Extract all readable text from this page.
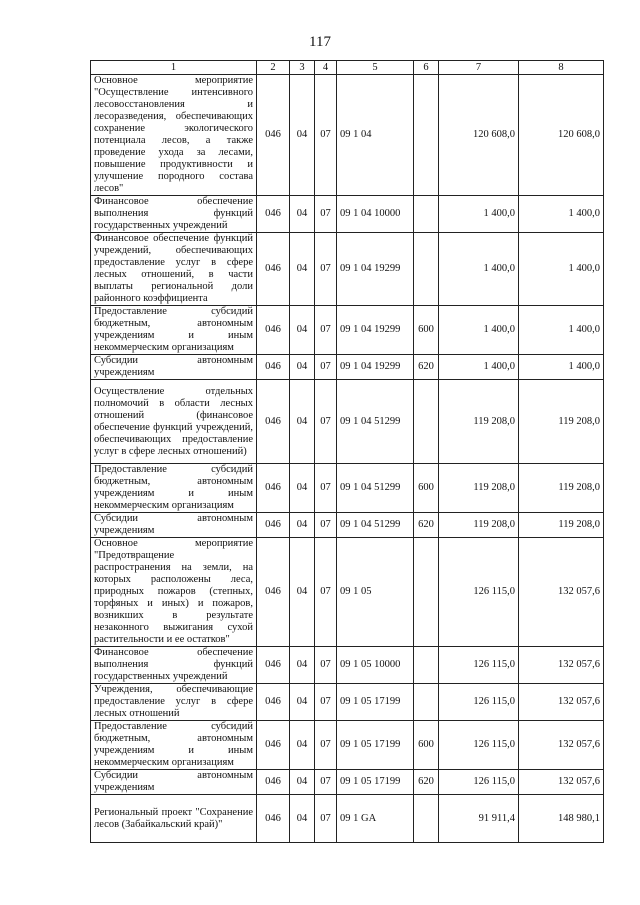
117
1	2	3	4	5	6	7	8
Основное мероприятие "Осуществление интенсивного лесовосстановления и лесоразведения, обеспечивающих сохранение экологического потенциала лесов, а также проведение ухода за лесами, повышение продуктивности и улучшение породного состава лесов"	046	04	07	09 1 04		120 608,0	120 608,0
Финансовое обеспечение выполнения функций государственных учреждений	046	04	07	09 1 04 10000		1 400,0	1 400,0
Финансовое обеспечение функций учреждений, обеспечивающих предоставление услуг в сфере лесных отношений, в части выплаты региональной доли районного коэффициента	046	04	07	09 1 04 19299		1 400,0	1 400,0
Предоставление субсидий бюджетным, автономным учреждениям и иным некоммерческим организациям	046	04	07	09 1 04 19299	600	1 400,0	1 400,0
Субсидии автономным учреждениям	046	04	07	09 1 04 19299	620	1 400,0	1 400,0
Осуществление отдельных полномочий в области лесных отношений (финансовое обеспечение функций учреждений, обеспечивающих предоставление услуг в сфере лесных отношений)	046	04	07	09 1 04 51299		119 208,0	119 208,0
Предоставление субсидий бюджетным, автономным учреждениям и иным некоммерческим организациям	046	04	07	09 1 04 51299	600	119 208,0	119 208,0
Субсидии автономным учреждениям	046	04	07	09 1 04 51299	620	119 208,0	119 208,0
Основное мероприятие "Предотвращение распространения на земли, на которых расположены леса, природных пожаров (степных, торфяных и иных) и пожаров, возникших в результате незаконного выжигания сухой растительности и ее остатков"	046	04	07	09 1 05		126 115,0	132 057,6
Финансовое обеспечение выполнения функций государственных учреждений	046	04	07	09 1 05 10000		126 115,0	132 057,6
Учреждения, обеспечивающие предоставление услуг в сфере лесных отношений	046	04	07	09 1 05 17199		126 115,0	132 057,6
Предоставление субсидий бюджетным, автономным учреждениям и иным некоммерческим организациям	046	04	07	09 1 05 17199	600	126 115,0	132 057,6
Субсидии автономным учреждениям	046	04	07	09 1 05 17199	620	126 115,0	132 057,6
Региональный проект "Сохранение лесов (Забайкальский край)"	046	04	07	09 1 GA		91 911,4	148 980,1
